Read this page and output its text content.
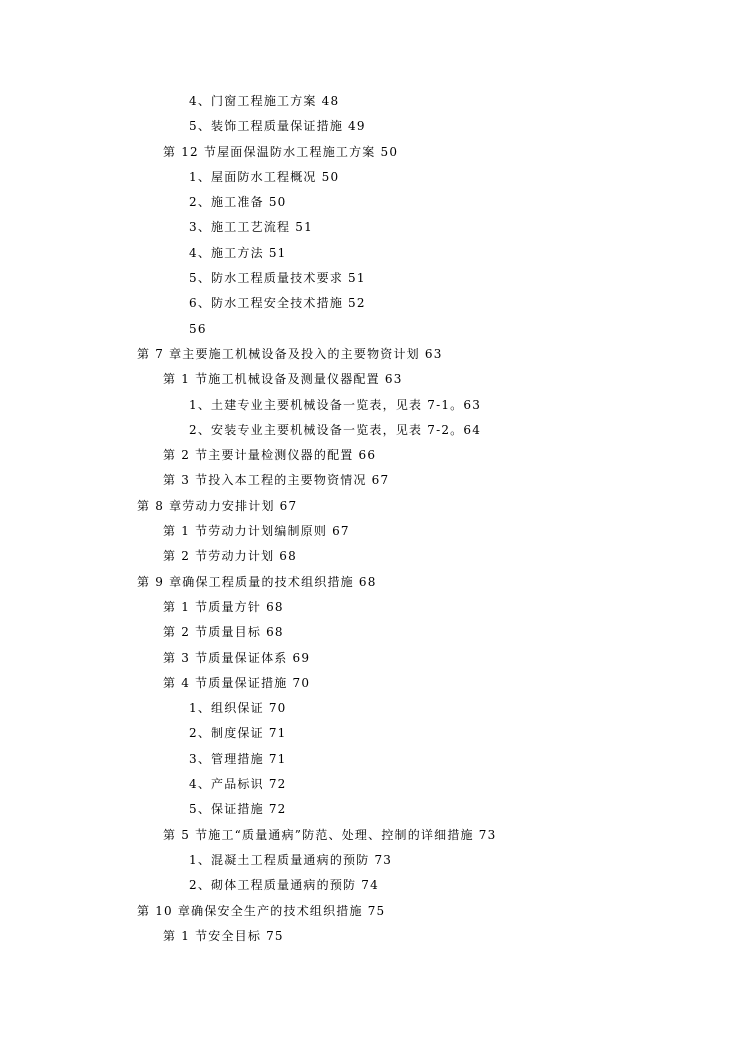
4、门窗工程施工方案 48
5、装饰工程质量保证措施 49
第 12 节屋面保温防水工程施工方案 50
1、屋面防水工程概况 50
2、施工准备 50
3、施工工艺流程 51
4、施工方法 51
5、防水工程质量技术要求 51
6、防水工程安全技术措施 52
56
第 7 章主要施工机械设备及投入的主要物资计划 63
第 1 节施工机械设备及测量仪器配置 63
1、土建专业主要机械设备一览表，见表 7-1。63
2、安装专业主要机械设备一览表，见表 7-2。64
第 2 节主要计量检测仪器的配置 66
第 3 节投入本工程的主要物资情况 67
第 8 章劳动力安排计划 67
第 1 节劳动力计划编制原则 67
第 2 节劳动力计划 68
第 9 章确保工程质量的技术组织措施 68
第 1 节质量方针 68
第 2 节质量目标 68
第 3 节质量保证体系 69
第 4 节质量保证措施 70
1、组织保证 70
2、制度保证 71
3、管理措施 71
4、产品标识 72
5、保证措施 72
第 5 节施工“质量通病”防范、处理、控制的详细措施 73
1、混凝土工程质量通病的预防 73
2、砌体工程质量通病的预防 74
第 10 章确保安全生产的技术组织措施 75
第 1 节安全目标 75
